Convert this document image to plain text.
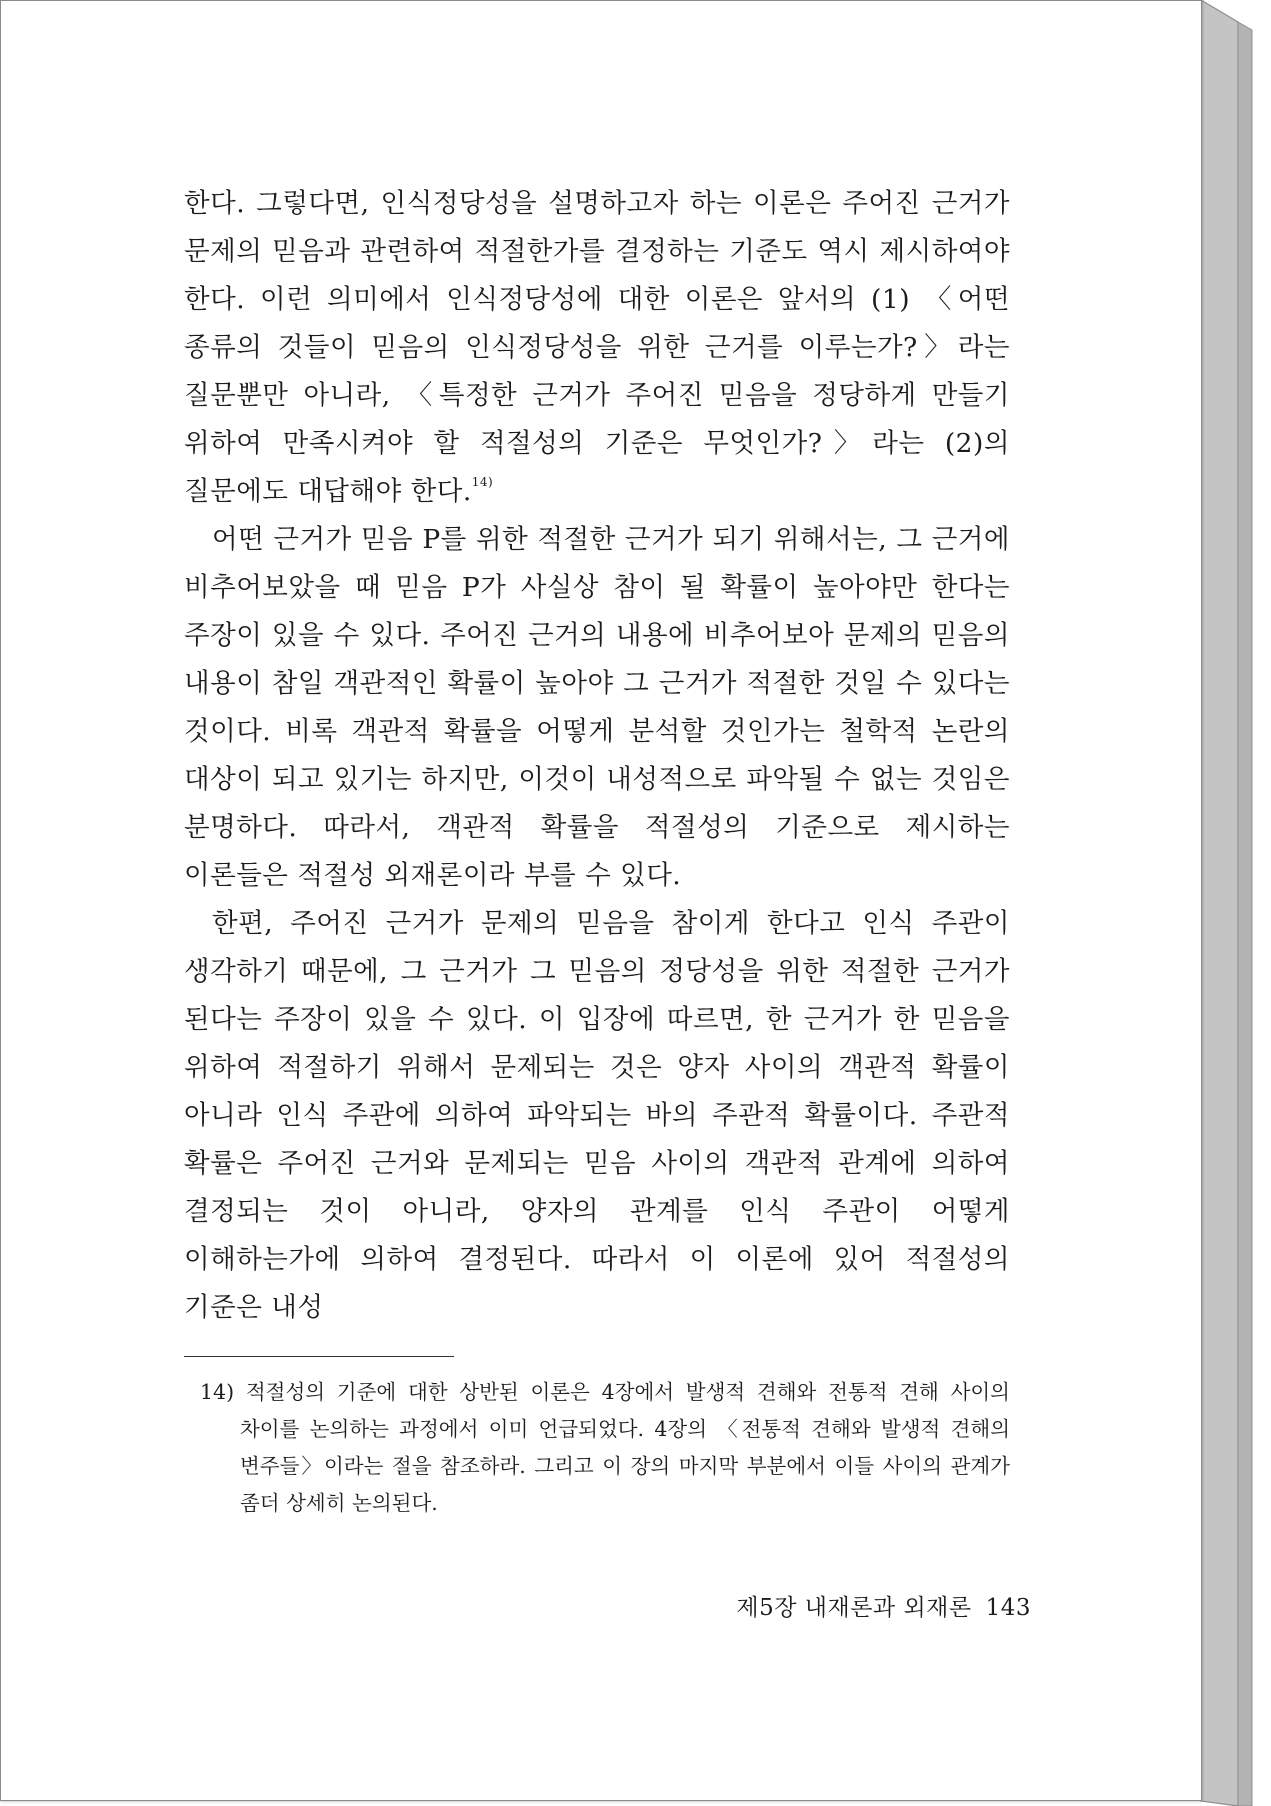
한다. 그렇다면, 인식정당성을 설명하고자 하는 이론은 주어진 근거가 문제의 믿음과 관련하여 적절한가를 결정하는 기준도 역시 제시하여야 한다. 이런 의미에서 인식정당성에 대한 이론은 앞서의 (1) 〈어떤 종류의 것들이 믿음의 인식정당성을 위한 근거를 이루는가?〉라는 질문뿐만 아니라, 〈특정한 근거가 주어진 믿음을 정당하게 만들기 위하여 만족시켜야 할 적절성의 기준은 무엇인가?〉라는 (2)의 질문에도 대답해야 한다.$^{14)}$

어떤 근거가 믿음 P를 위한 적절한 근거가 되기 위해서는, 그 근거에 비추어보았을 때 믿음 P가 사실상 참이 될 확률이 높아야만 한다는 주장이 있을 수 있다. 주어진 근거의 내용에 비추어보아 문제의 믿음의 내용이 참일 객관적인 확률이 높아야 그 근거가 적절한 것일 수 있다는 것이다. 비록 객관적 확률을 어떻게 분석할 것인가는 철학적 논란의 대상이 되고 있기는 하지만, 이것이 내성적으로 파악될 수 없는 것임은 분명하다. 따라서, 객관적 확률을 적절성의 기준으로 제시하는 이론들은 적절성 외재론이라 부를 수 있다.

한편, 주어진 근거가 문제의 믿음을 참이게 한다고 인식 주관이 생각하기 때문에, 그 근거가 그 믿음의 정당성을 위한 적절한 근거가 된다는 주장이 있을 수 있다. 이 입장에 따르면, 한 근거가 한 믿음을 위하여 적절하기 위해서 문제되는 것은 양자 사이의 객관적 확률이 아니라 인식 주관에 의하여 파악되는 바의 주관적 확률이다. 주관적 확률은 주어진 근거와 문제되는 믿음 사이의 객관적 관계에 의하여 결정되는 것이 아니라, 양자의 관계를 인식 주관이 어떻게 이해하는가에 의하여 결정된다. 따라서 이 이론에 있어 적절성의 기준은 내성

14) 적절성의 기준에 대한 상반된 이론은 4장에서 발생적 견해와 전통적 견해 사이의 차이를 논의하는 과정에서 이미 언급되었다. 4장의 〈전통적 견해와 발생적 견해의 변주들〉이라는 절을 참조하라. 그리고 이 장의 마지막 부분에서 이들 사이의 관계가 좀더 상세히 논의된다.
제5장 내재론과 외재론 143
